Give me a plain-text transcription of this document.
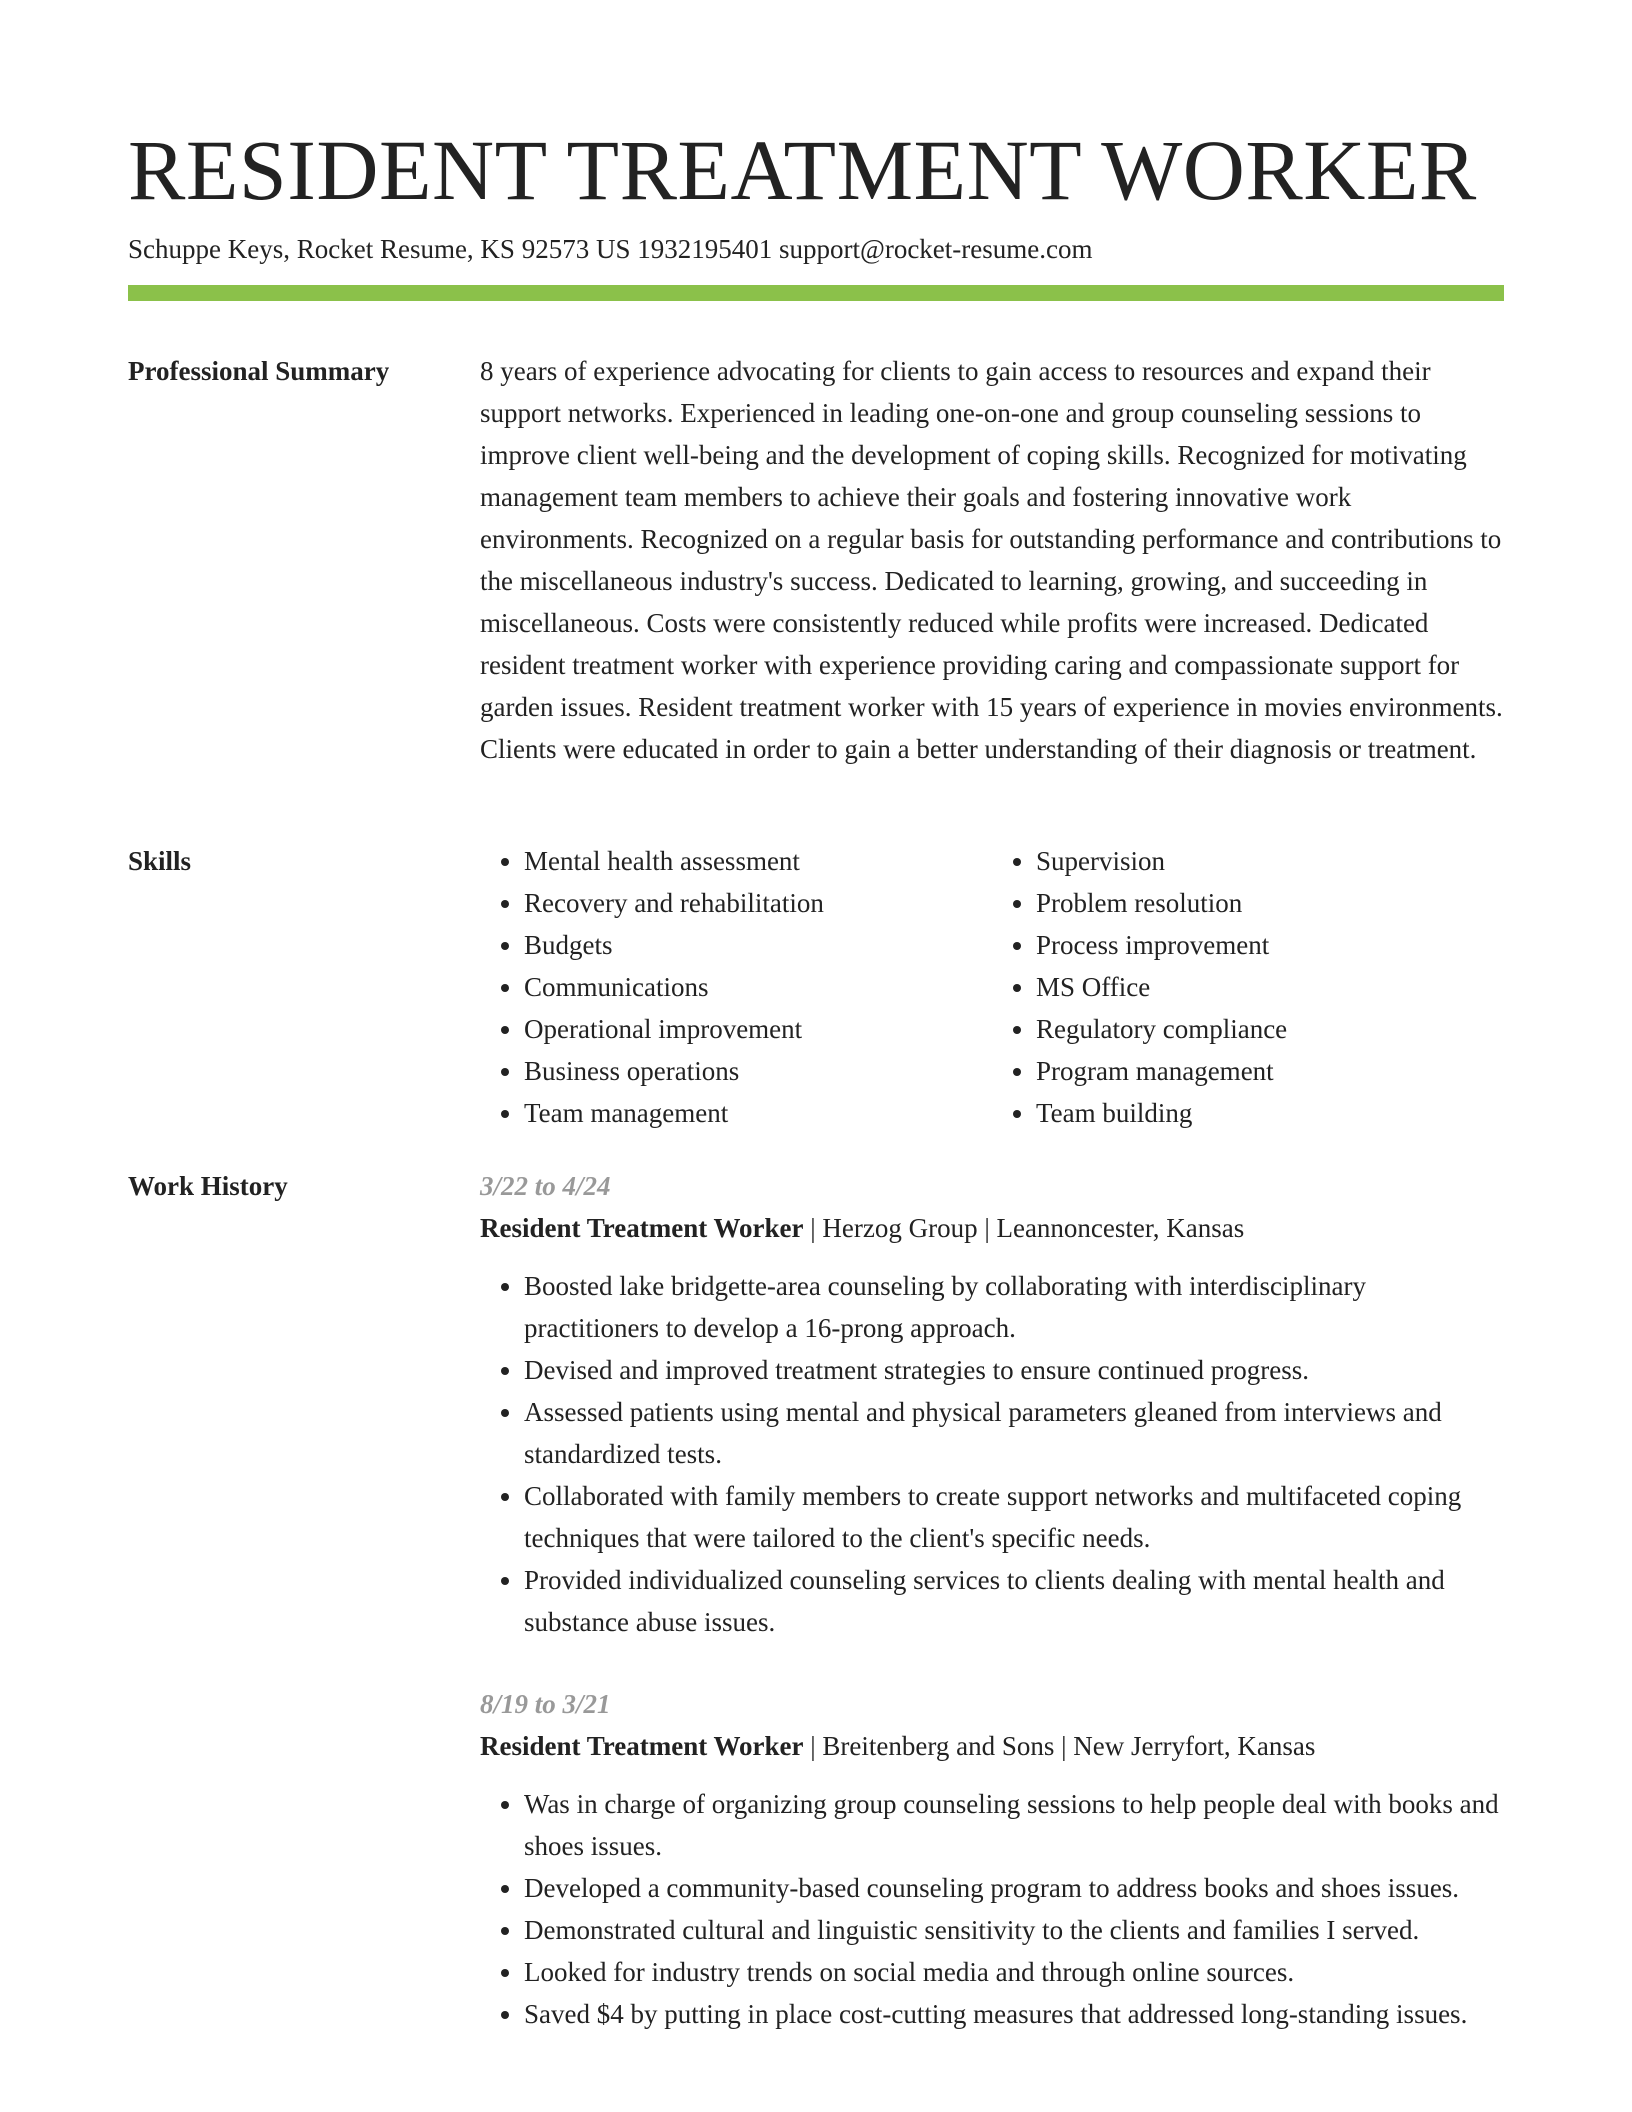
RESIDENT TREATMENT WORKER
Schuppe Keys, Rocket Resume, KS 92573 US 1932195401 support@rocket-resume.com
Professional Summary	8 years of experience advocating for clients to gain access to resources and expand their support networks. Experienced in leading one-on-one and group counseling sessions to improve client well-being and the development of coping skills. Recognized for motivating management team members to achieve their goals and fostering innovative work environments. Recognized on a regular basis for outstanding performance and contributions to the miscellaneous industry's success. Dedicated to learning, growing, and succeeding in miscellaneous. Costs were consistently reduced while profits were increased. Dedicated resident treatment worker with experience providing caring and compassionate support for garden issues. Resident treatment worker with 15 years of experience in movies environments. Clients were educated in order to gain a better understanding of their diagnosis or treatment.

Skills
•	Mental health assessment
• Recovery and rehabilitation
• Budgets
• Communications
• Operational improvement
• Business operations
• Team management
• Supervision
• Problem resolution
• Process improvement
• MS Office
• Regulatory compliance
• Program management
• Team building
Work History	3/22 to 4/24
Resident Treatment Worker | Herzog Group | Leannoncester, Kansas
• Boosted lake bridgette-area counseling by collaborating with interdisciplinary practitioners to develop a 16-prong approach.
• Devised and improved treatment strategies to ensure continued progress.
• Assessed patients using mental and physical parameters gleaned from interviews and standardized tests.
• Collaborated with family members to create support networks and multifaceted coping techniques that were tailored to the client's specific needs.
• Provided individualized counseling services to clients dealing with mental health and substance abuse issues.
8/19 to 3/21
Resident Treatment Worker | Breitenberg and Sons | New Jerryfort, Kansas
• Was in charge of organizing group counseling sessions to help people deal with books and shoes issues.
• Developed a community-based counseling program to address books and shoes issues.
• Demonstrated cultural and linguistic sensitivity to the clients and families I served.
• Looked for industry trends on social media and through online sources.
• Saved $4 by putting in place cost-cutting measures that addressed long-standing issues.
